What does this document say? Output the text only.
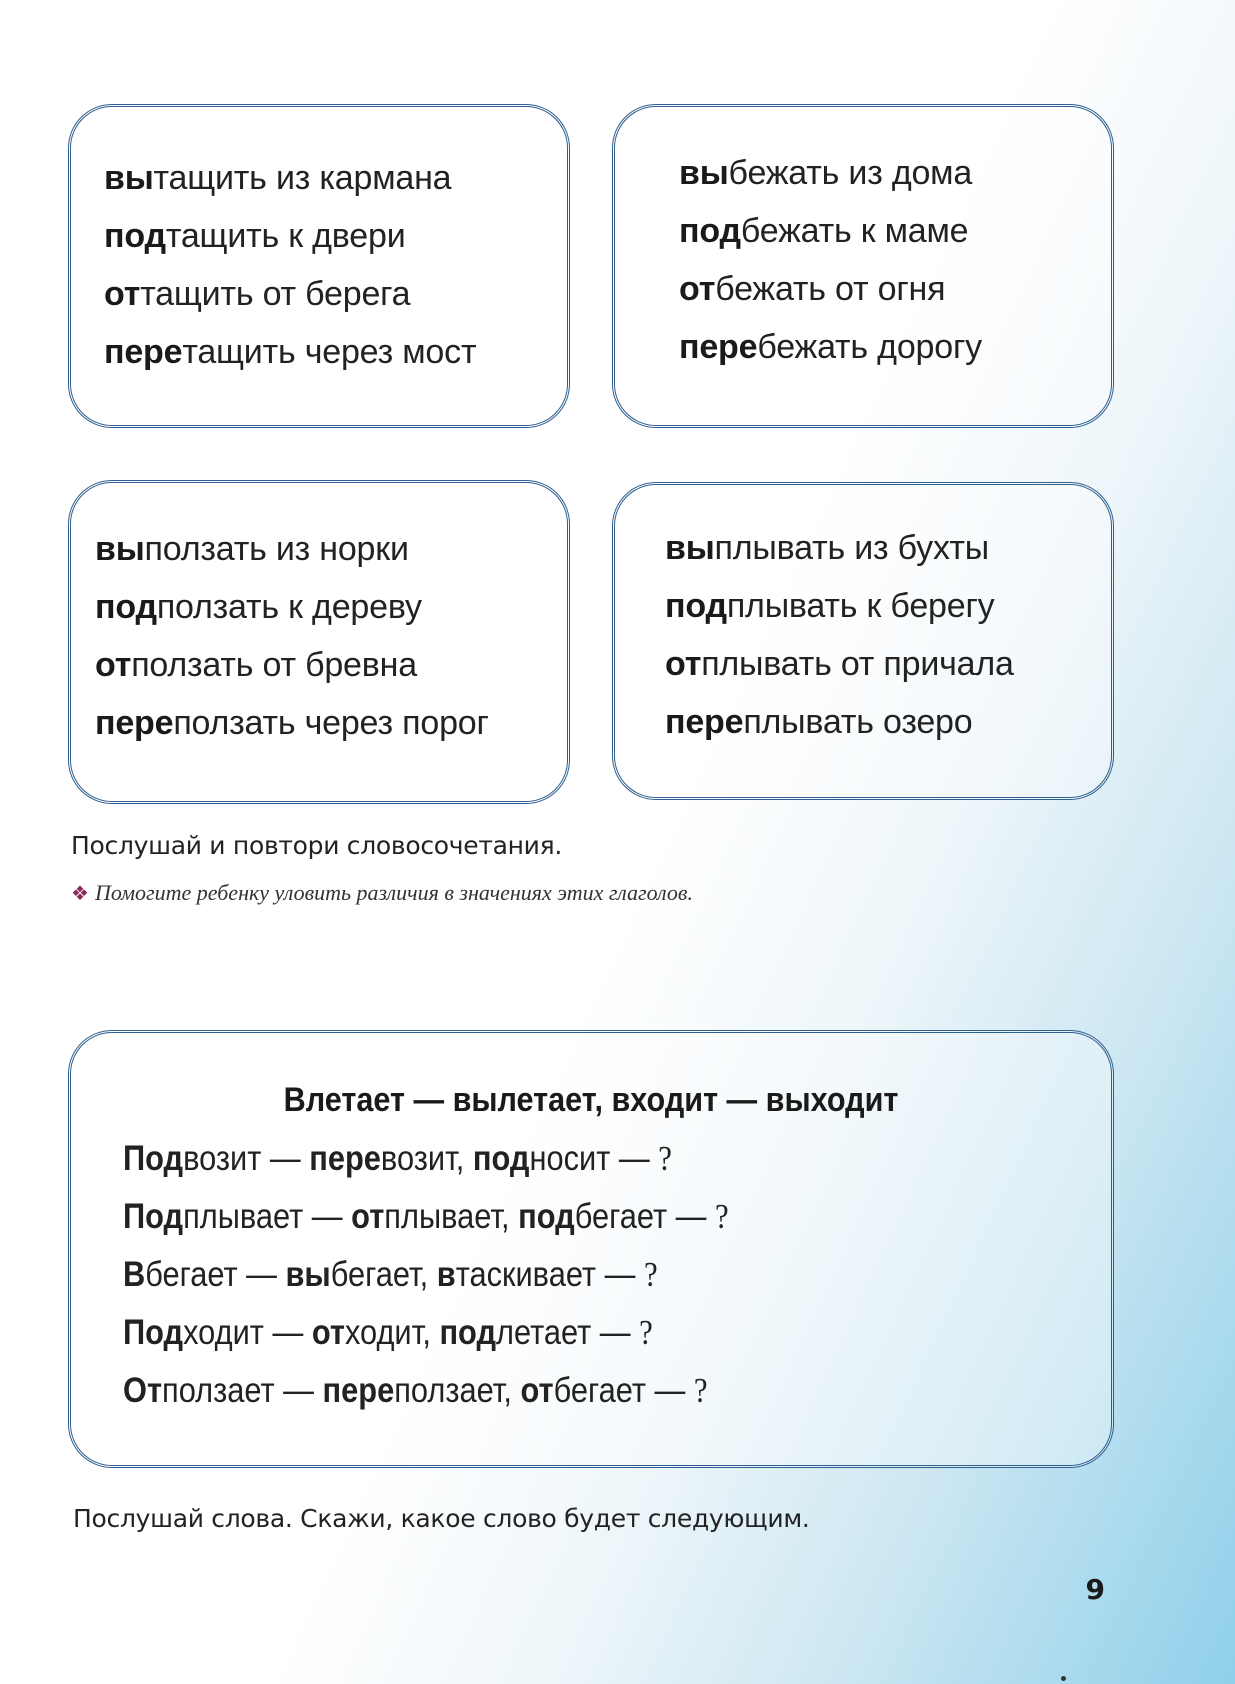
вытащить из кармана
подтащить к двери
оттащить от берега
перетащить через мост
выбежать из дома
подбежать к маме
отбежать от огня
перебежать дорогу
выползать из норки
подползать к дереву
отползать от бревна
переползать через порог
выплывать из бухты
подплывать к берегу
отплывать от причала
переплывать озеро
Послушай и повтори словосочетания.
❖ Помогите ребенку уловить различия в значениях этих глаголов.
Влетает — вылетает, входит — выходит
Подвозит — перевозит, подносит — ?
Подплывает — отплывает, подбегает — ?
Вбегает — выбегает, втаскивает — ?
Подходит — отходит, подлетает — ?
Отползает — переползает, отбегает — ?
Послушай слова. Скажи, какое слово будет следующим.
9
